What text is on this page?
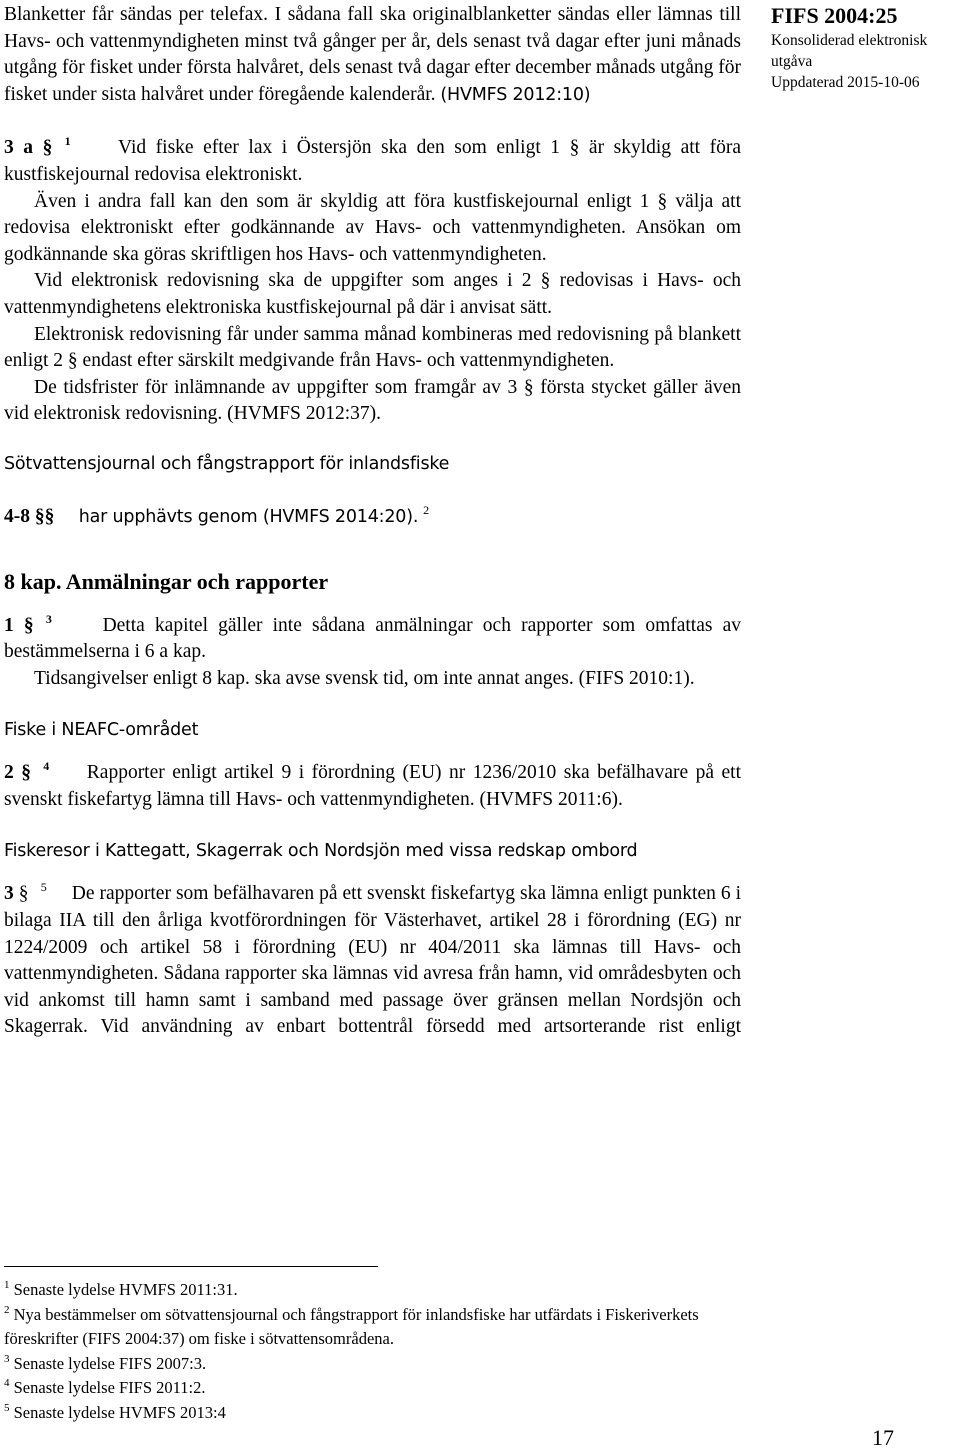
FIFS 2004:25
Konsoliderad elektronisk
utgåva
Uppdaterad 2015-10-06

Blanketter får sändas per telefax. I sådana fall ska originalblanketter sändas eller lämnas till Havs- och vattenmyndigheten minst två gånger per år, dels senast två dagar efter juni månads utgång för fisket under första halvåret, dels senast två dagar efter december månads utgång för fisket under sista halvåret under föregående kalenderår. (HVMFS 2012:10)

3 a § $^1$ Vid fiske efter lax i Östersjön ska den som enligt 1 § är skyldig att föra kustfiskejournal redovisa elektroniskt.

Även i andra fall kan den som är skyldig att föra kustfiskejournal enligt 1 § välja att redovisa elektroniskt efter godkännande av Havs- och vattenmyndigheten. Ansökan om godkännande ska göras skriftligen hos Havs- och vattenmyndigheten.

Vid elektronisk redovisning ska de uppgifter som anges i 2 § redovisas i Havs- och vattenmyndighetens elektroniska kustfiskejournal på där i anvisat sätt.

Elektronisk redovisning får under samma månad kombineras med redovisning på blankett enligt 2 § endast efter särskilt medgivande från Havs- och vattenmyndigheten.

De tidsfrister för inlämnande av uppgifter som framgår av 3 § första stycket gäller även vid elektronisk redovisning. (HVMFS 2012:37).

Sötvattensjournal och fångstrapport för inlandsfiske

4-8 §§ har upphävts genom (HVMFS 2014:20). $^2$

8 kap. Anmälningar och rapporter

1 § $^3$	Detta kapitel gäller inte sådana anmälningar och rapporter som omfattas av bestämmelserna i 6 a kap.

Tidsangivelser enligt 8 kap. ska avse svensk tid, om inte annat anges. (FIFS 2010:1).

Fiske i NEAFC-området

2 § $^4$ Rapporter enligt artikel 9 i förordning (EU) nr 1236/2010 ska befälhavare på ett svenskt fiskefartyg lämna till Havs- och vattenmyndigheten. (HVMFS 2011:6).

Fiskeresor i Kattegatt, Skagerrak och Nordsjön med vissa redskap ombord

3 § $^5$ De rapporter som befälhavaren på ett svenskt fiskefartyg ska lämna enligt punkten 6 i bilaga IIA till den årliga kvotförordningen för Västerhavet, artikel 28 i förordning (EG) nr 1224/2009 och artikel 58 i förordning (EU) nr 404/2011 ska lämnas till Havs- och vattenmyndigheten. Sådana rapporter ska lämnas vid avresa från hamn, vid områdesbyten och vid ankomst till hamn samt i samband med passage över gränsen mellan Nordsjön och Skagerrak. Vid användning av enbart bottentrål försedd med artsorterande rist enligt

$^1$ Senaste lydelse HVMFS 2011:31.

$^2$ Nya bestämmelser om sötvattensjournal och fångstrapport för inlandsfiske har utfärdats i Fiskeriverkets föreskrifter (FIFS 2004:37) om fiske i sötvattensområdena.

$^3$ Senaste lydelse FIFS 2007:3.

$^4$ Senaste lydelse FIFS 2011:2.

$^5$ Senaste lydelse HVMFS 2013:4

17
